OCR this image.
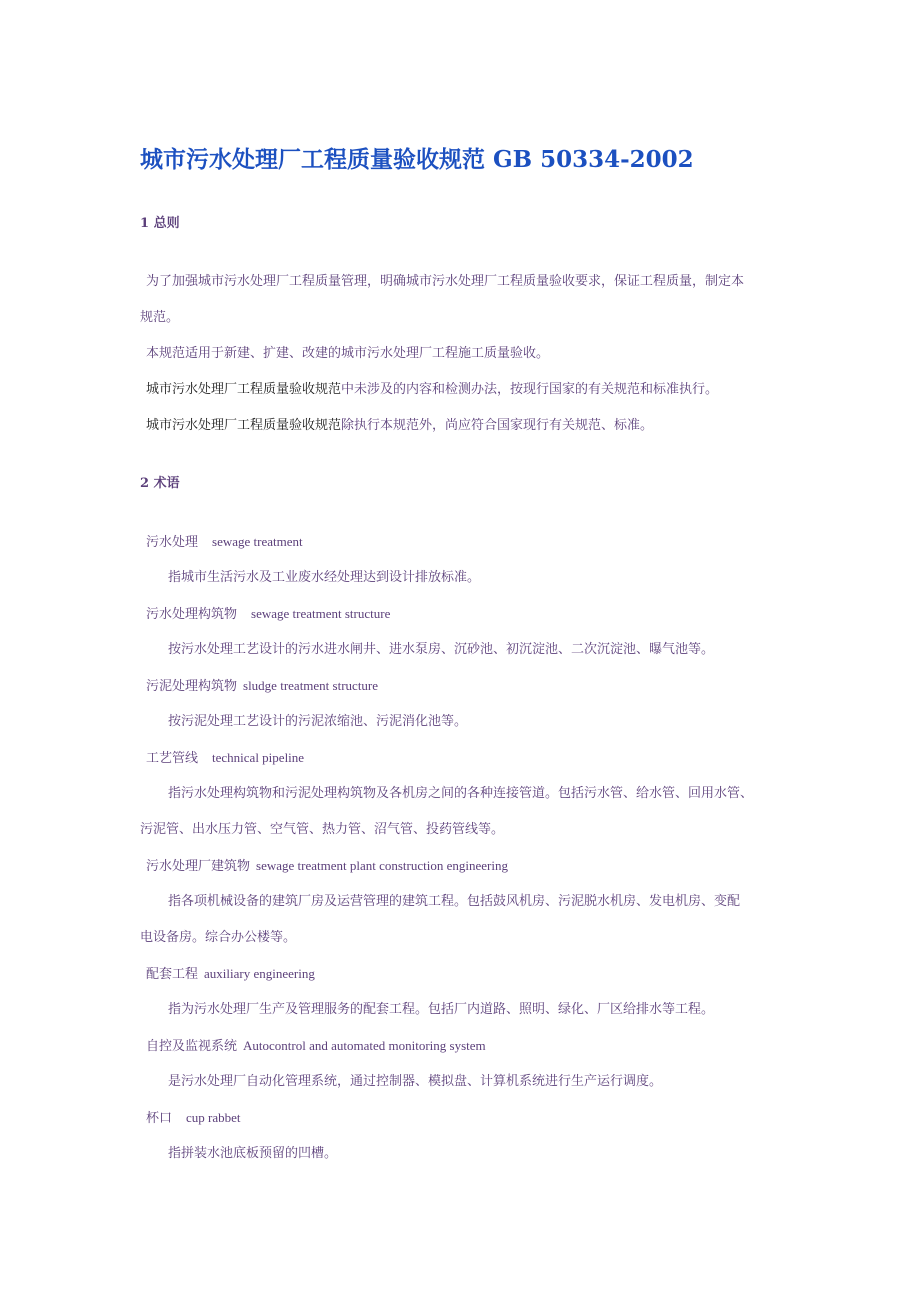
城市污水处理厂工程质量验收规范 GB 50334-2002
1 总则

为了加强城市污水处理厂工程质量管理，明确城市污水处理厂工程质量验收要求，保证工程质量，制定本

规范。

本规范适用于新建、扩建、改建的城市污水处理厂工程施工质量验收。

城市污水处理厂工程质量验收规范中未涉及的内容和检测办法，按现行国家的有关规范和标准执行。

城市污水处理厂工程质量验收规范除执行本规范外，尚应符合国家现行有关规范、标准。

2 术语

污水处理 sewage treatment

指城市生活污水及工业废水经处理达到设计排放标准。

污水处理构筑物 sewage treatment structure

按污水处理工艺设计的污水进水闸井、进水泵房、沉砂池、初沉淀池、二次沉淀池、曝气池等。

污泥处理构筑物 sludge treatment structure

按污泥处理工艺设计的污泥浓缩池、污泥消化池等。

工艺管线 technical pipeline

指污水处理构筑物和污泥处理构筑物及各机房之间的各种连接管道。包括污水管、给水管、回用水管、

污泥管、出水压力管、空气管、热力管、沼气管、投药管线等。

污水处理厂建筑物 sewage treatment plant construction engineering

指各项机械设备的建筑厂房及运营管理的建筑工程。包括鼓风机房、污泥脱水机房、发电机房、变配

电设备房。综合办公楼等。

配套工程 auxiliary engineering

指为污水处理厂生产及管理服务的配套工程。包括厂内道路、照明、绿化、厂区给排水等工程。

自控及监视系统 Autocontrol and automated monitoring system

是污水处理厂自动化管理系统，通过控制器、模拟盘、计算机系统进行生产运行调度。

杯口 cup rabbet

指拼装水池底板预留的凹槽。
